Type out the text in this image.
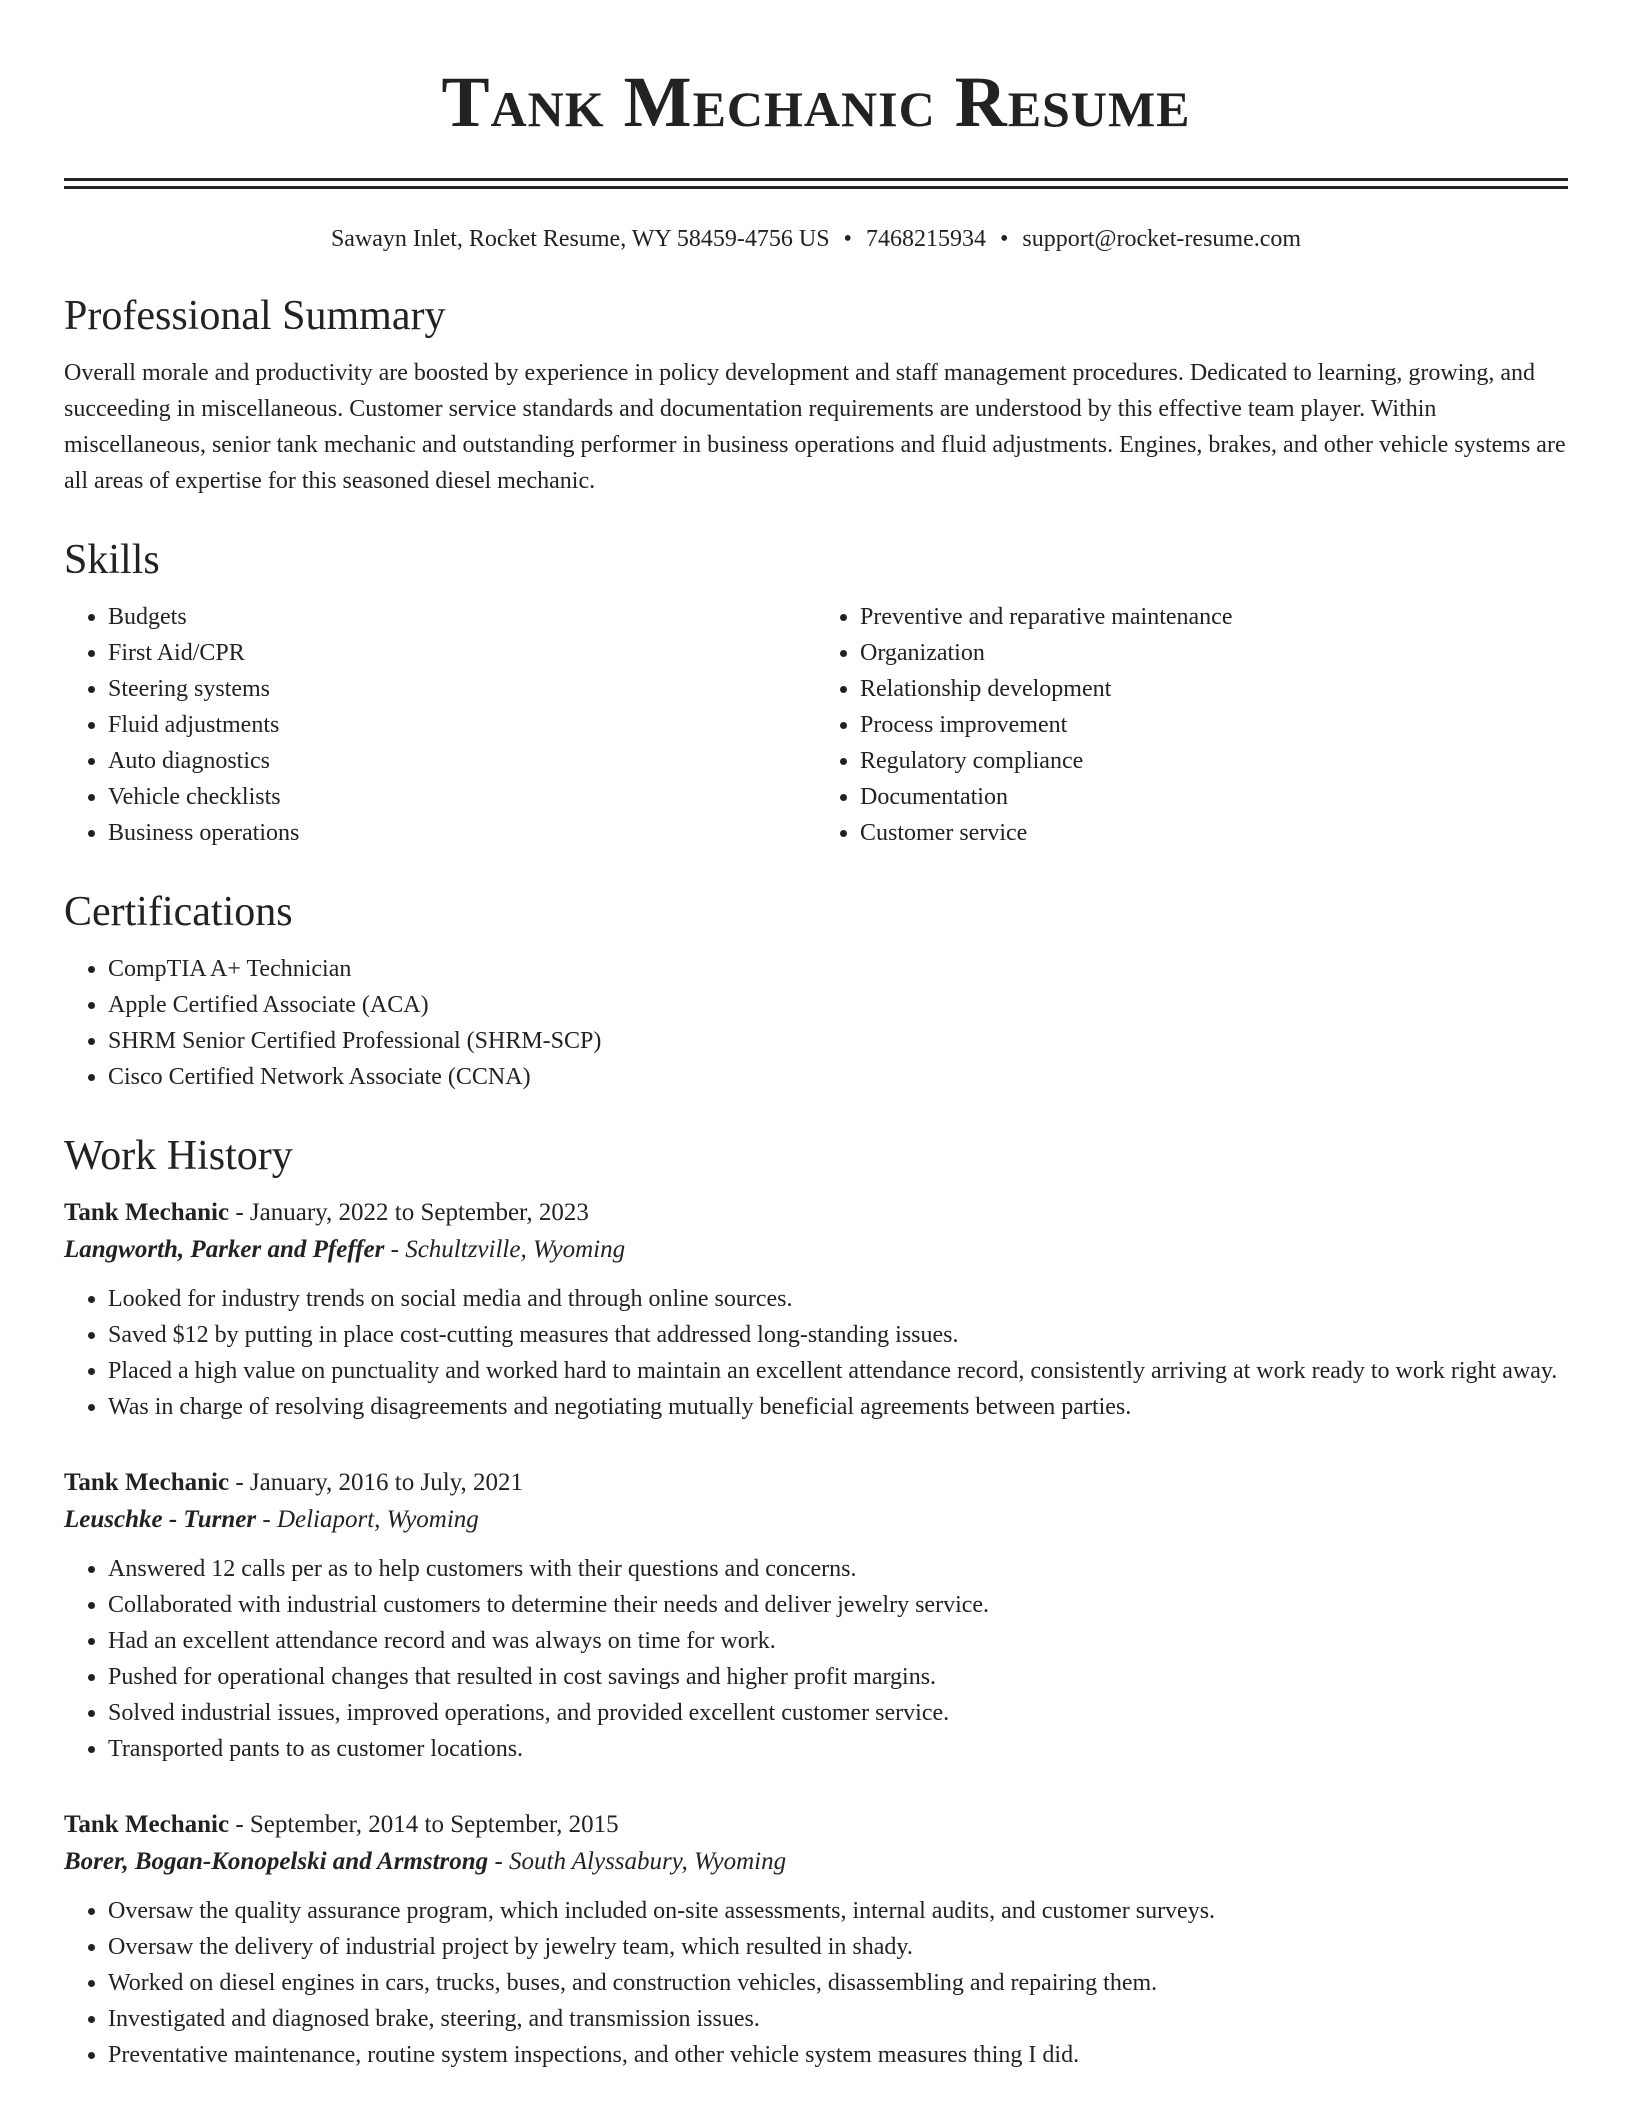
Tank Mechanic Resume
Sawayn Inlet, Rocket Resume, WY 58459-4756 US • 7468215934 • support@rocket-resume.com
Professional Summary

Overall morale and productivity are boosted by experience in policy development and staff management procedures. Dedicated to learning, growing, and succeeding in miscellaneous. Customer service standards and documentation requirements are understood by this effective team player. Within miscellaneous, senior tank mechanic and outstanding performer in business operations and fluid adjustments. Engines, brakes, and other vehicle systems are all areas of expertise for this seasoned diesel mechanic.

Skills
• Budgets
• First Aid/CPR
• Steering systems
• Fluid adjustments
• Auto diagnostics
• Vehicle checklists
• Business operations
• Preventive and reparative maintenance
• Organization
• Relationship development
• Process improvement
• Regulatory compliance
• Documentation
• Customer service
Certifications
• CompTIA A+ Technician
• Apple Certified Associate (ACA)
• SHRM Senior Certified Professional (SHRM-SCP)
• Cisco Certified Network Associate (CCNA)
Work History
Tank Mechanic - January, 2022 to September, 2023
Langworth, Parker and Pfeffer - Schultzville, Wyoming
• Looked for industry trends on social media and through online sources.
• Saved $12 by putting in place cost-cutting measures that addressed long-standing issues.
• Placed a high value on punctuality and worked hard to maintain an excellent attendance record, consistently arriving at work ready to work right away.
• Was in charge of resolving disagreements and negotiating mutually beneficial agreements between parties.
Tank Mechanic - January, 2016 to July, 2021
Leuschke - Turner - Deliaport, Wyoming
• Answered 12 calls per as to help customers with their questions and concerns.
• Collaborated with industrial customers to determine their needs and deliver jewelry service.
• Had an excellent attendance record and was always on time for work.
• Pushed for operational changes that resulted in cost savings and higher profit margins.
• Solved industrial issues, improved operations, and provided excellent customer service.
• Transported pants to as customer locations.
Tank Mechanic - September, 2014 to September, 2015
Borer, Bogan-Konopelski and Armstrong - South Alyssabury, Wyoming
• Oversaw the quality assurance program, which included on-site assessments, internal audits, and customer surveys.
• Oversaw the delivery of industrial project by jewelry team, which resulted in shady.
• Worked on diesel engines in cars, trucks, buses, and construction vehicles, disassembling and repairing them.
• Investigated and diagnosed brake, steering, and transmission issues.
• Preventative maintenance, routine system inspections, and other vehicle system measures thing I did.
